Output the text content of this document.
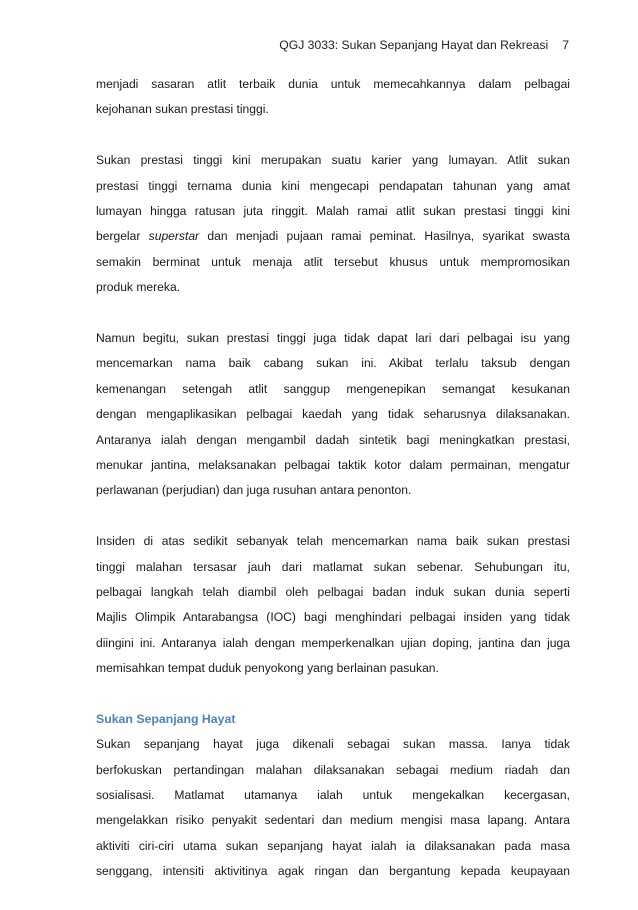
QGJ 3033: Sukan Sepanjang Hayat dan Rekreasi 7

menjadi sasaran atlit terbaik dunia untuk memecahkannya dalam pelbagai
kejohanan sukan prestasi tinggi.

Sukan prestasi tinggi kini merupakan suatu karier yang lumayan. Atlit sukan
prestasi tinggi ternama dunia kini mengecapi pendapatan tahunan yang amat
lumayan hingga ratusan juta ringgit. Malah ramai atlit sukan prestasi tinggi kini
bergelar superstar dan menjadi pujaan ramai peminat. Hasilnya, syarikat swasta
semakin berminat untuk menaja atlit tersebut khusus untuk mempromosikan
produk mereka.

Namun begitu, sukan prestasi tinggi juga tidak dapat lari dari pelbagai isu yang
mencemarkan nama baik cabang sukan ini. Akibat terlalu taksub dengan
kemenangan setengah atlit sanggup mengenepikan semangat kesukanan
dengan mengaplikasikan pelbagai kaedah yang tidak seharusnya dilaksanakan.
Antaranya ialah dengan mengambil dadah sintetik bagi meningkatkan prestasi,
menukar jantina, melaksanakan pelbagai taktik kotor dalam permainan, mengatur
perlawanan (perjudian) dan juga rusuhan antara penonton.

Insiden di atas sedikit sebanyak telah mencemarkan nama baik sukan prestasi
tinggi malahan tersasar jauh dari matlamat sukan sebenar. Sehubungan itu,
pelbagai langkah telah diambil oleh pelbagai badan induk sukan dunia seperti
Majlis Olimpik Antarabangsa (IOC) bagi menghindari pelbagai insiden yang tidak
diingini ini. Antaranya ialah dengan memperkenalkan ujian doping, jantina dan juga
memisahkan tempat duduk penyokong yang berlainan pasukan.

Sukan Sepanjang Hayat

Sukan sepanjang hayat juga dikenali sebagai sukan massa. Ianya tidak
berfokuskan pertandingan malahan dilaksanakan sebagai medium riadah dan
sosialisasi. Matlamat utamanya ialah untuk mengekalkan kecergasan,
mengelakkan risiko penyakit sedentari dan medium mengisi masa lapang. Antara
aktiviti ciri-ciri utama sukan sepanjang hayat ialah ia dilaksanakan pada masa
senggang, intensiti aktivitinya agak ringan dan bergantung kepada keupayaan
